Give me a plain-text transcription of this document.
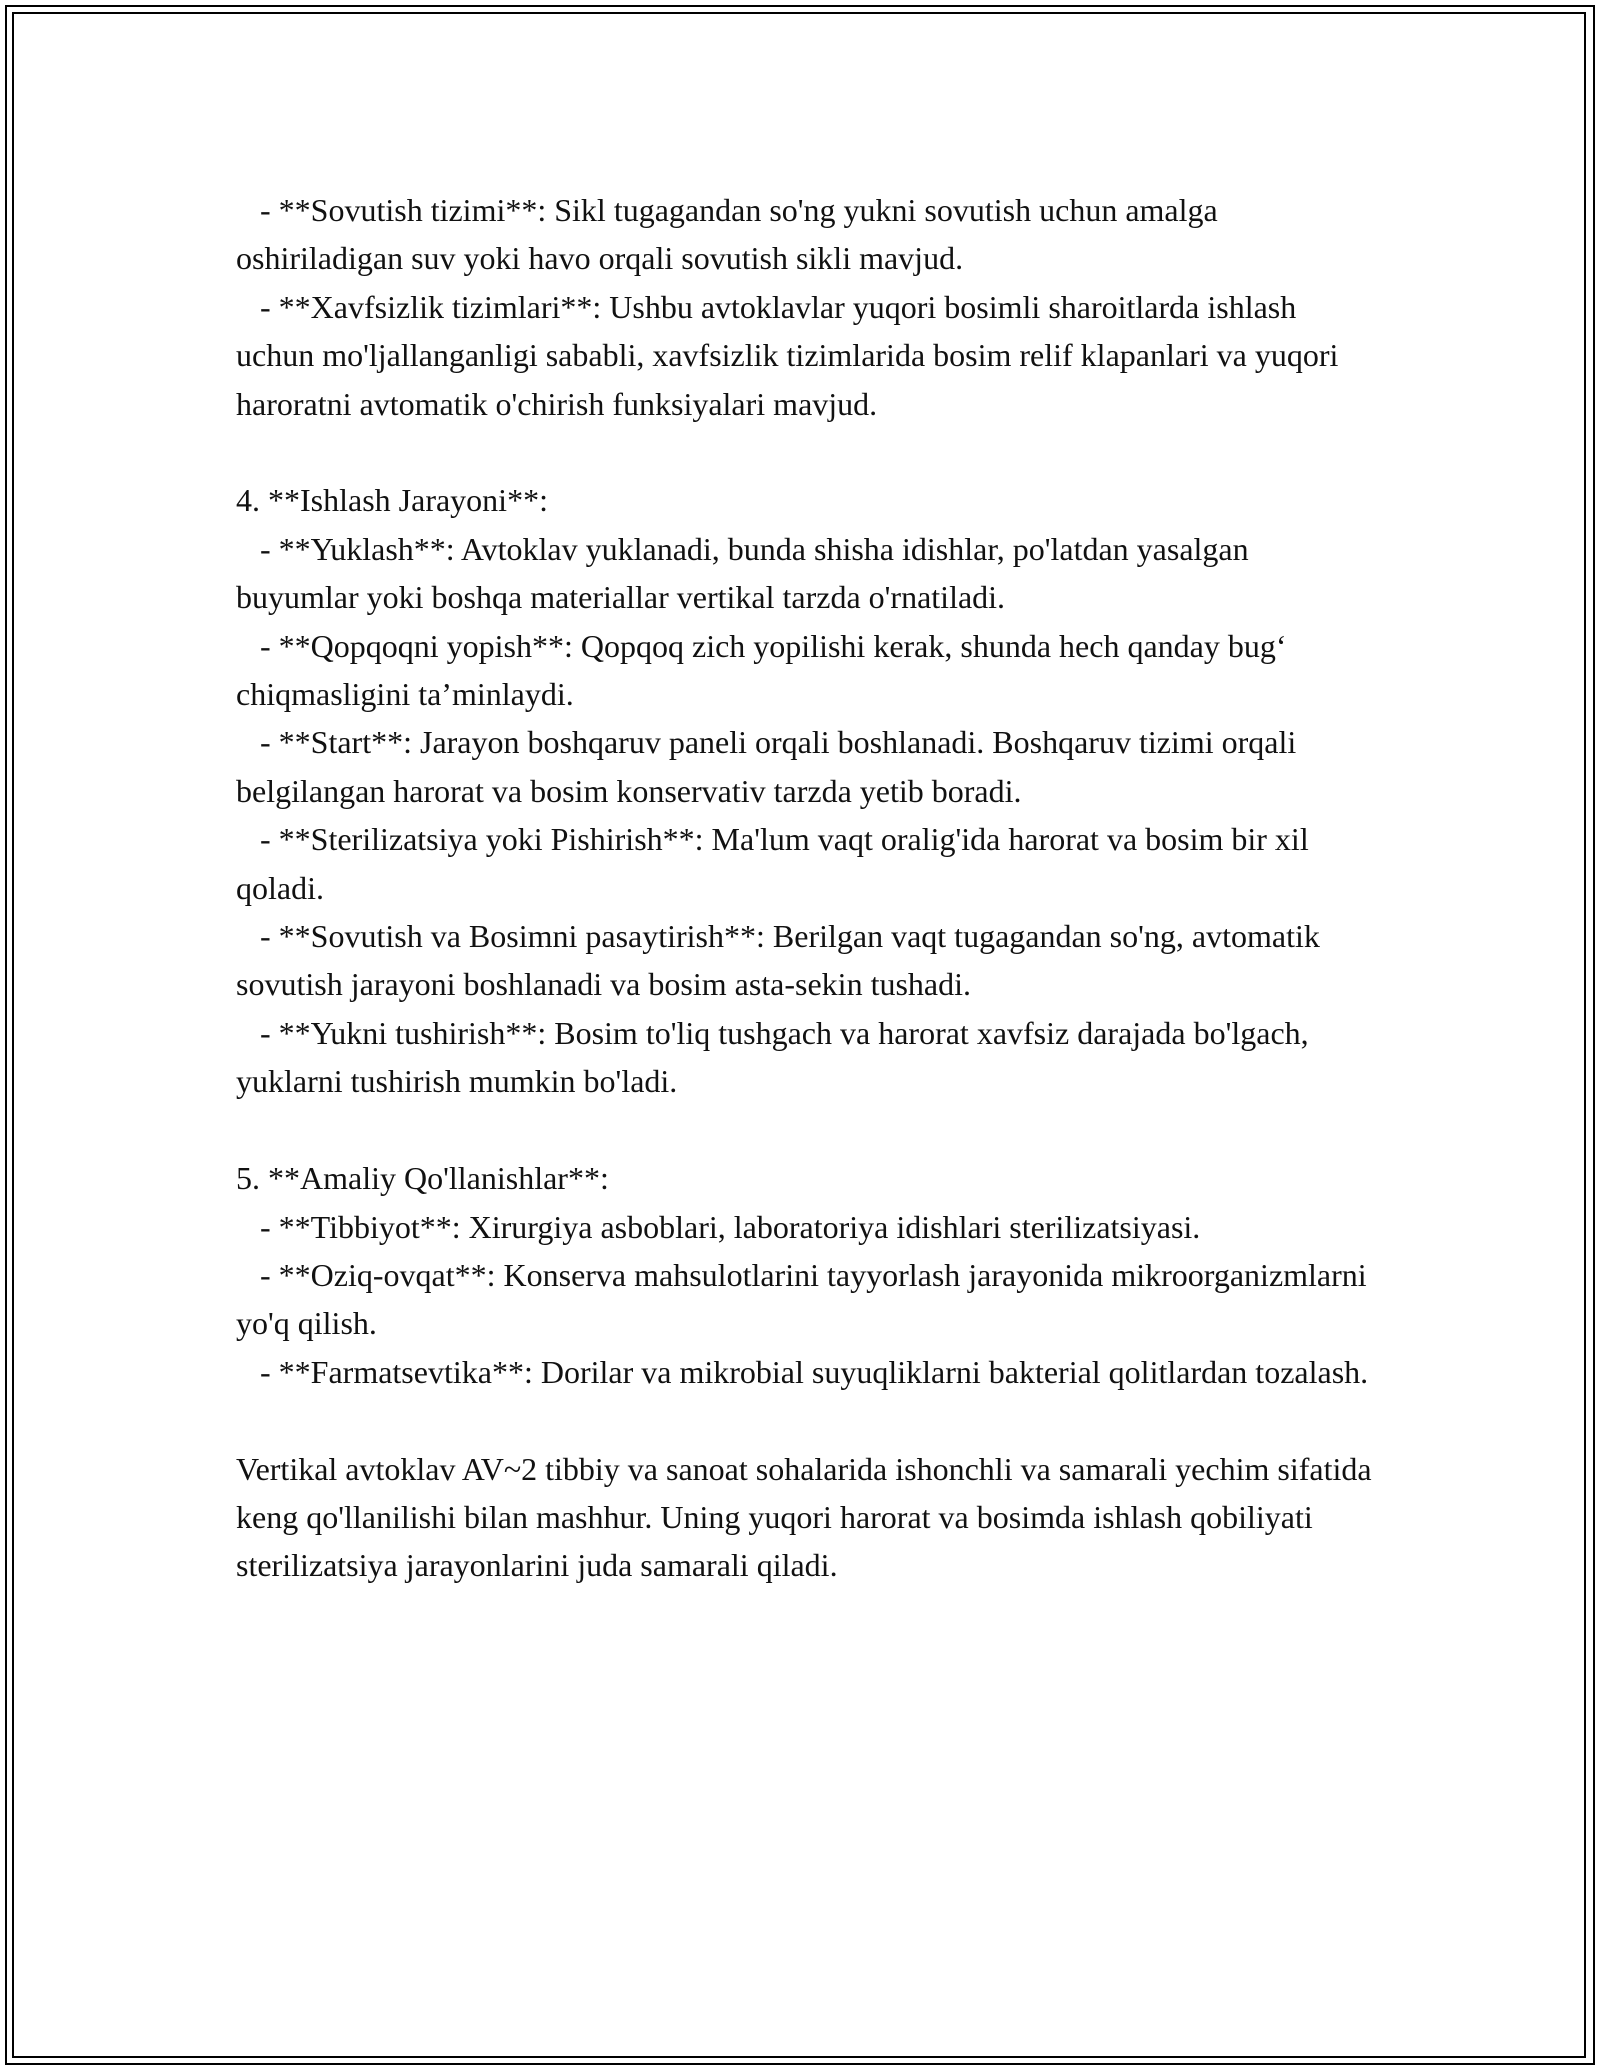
- **Sovutish tizimi**: Sikl tugagandan so'ng yukni sovutish uchun amalga oshiriladigan suv yoki havo orqali sovutish sikli mavjud.

- **Xavfsizlik tizimlari**: Ushbu avtoklavlar yuqori bosimli sharoitlarda ishlash uchun mo'ljallanganligi sababli, xavfsizlik tizimlarida bosim relif klapanlari va yuqori haroratni avtomatik o'chirish funksiyalari mavjud.

4. **Ishlash Jarayoni**:

- **Yuklash**: Avtoklav yuklanadi, bunda shisha idishlar, po'latdan yasalgan buyumlar yoki boshqa materiallar vertikal tarzda o'rnatiladi.

- **Qopqoqni yopish**: Qopqoq zich yopilishi kerak, shunda hech qanday bug‘ chiqmasligini ta’minlaydi.

- **Start**: Jarayon boshqaruv paneli orqali boshlanadi. Boshqaruv tizimi orqali belgilangan harorat va bosim konservativ tarzda yetib boradi.

- **Sterilizatsiya yoki Pishirish**: Ma'lum vaqt oralig'ida harorat va bosim bir xil qoladi.

- **Sovutish va Bosimni pasaytirish**: Berilgan vaqt tugagandan so'ng, avtomatik sovutish jarayoni boshlanadi va bosim asta-sekin tushadi.

- **Yukni tushirish**: Bosim to'liq tushgach va harorat xavfsiz darajada bo'lgach, yuklarni tushirish mumkin bo'ladi.

5. **Amaliy Qo'llanishlar**:

- **Tibbiyot**: Xirurgiya asboblari, laboratoriya idishlari sterilizatsiyasi.

- **Oziq-ovqat**: Konserva mahsulotlarini tayyorlash jarayonida mikroorganizmlarni yo'q qilish.

- **Farmatsevtika**: Dorilar va mikrobial suyuqliklarni bakterial qolitlardan tozalash.

Vertikal avtoklav AV~2 tibbiy va sanoat sohalarida ishonchli va samarali yechim sifatida keng qo'llanilishi bilan mashhur. Uning yuqori harorat va bosimda ishlash qobiliyati sterilizatsiya jarayonlarini juda samarali qiladi.
